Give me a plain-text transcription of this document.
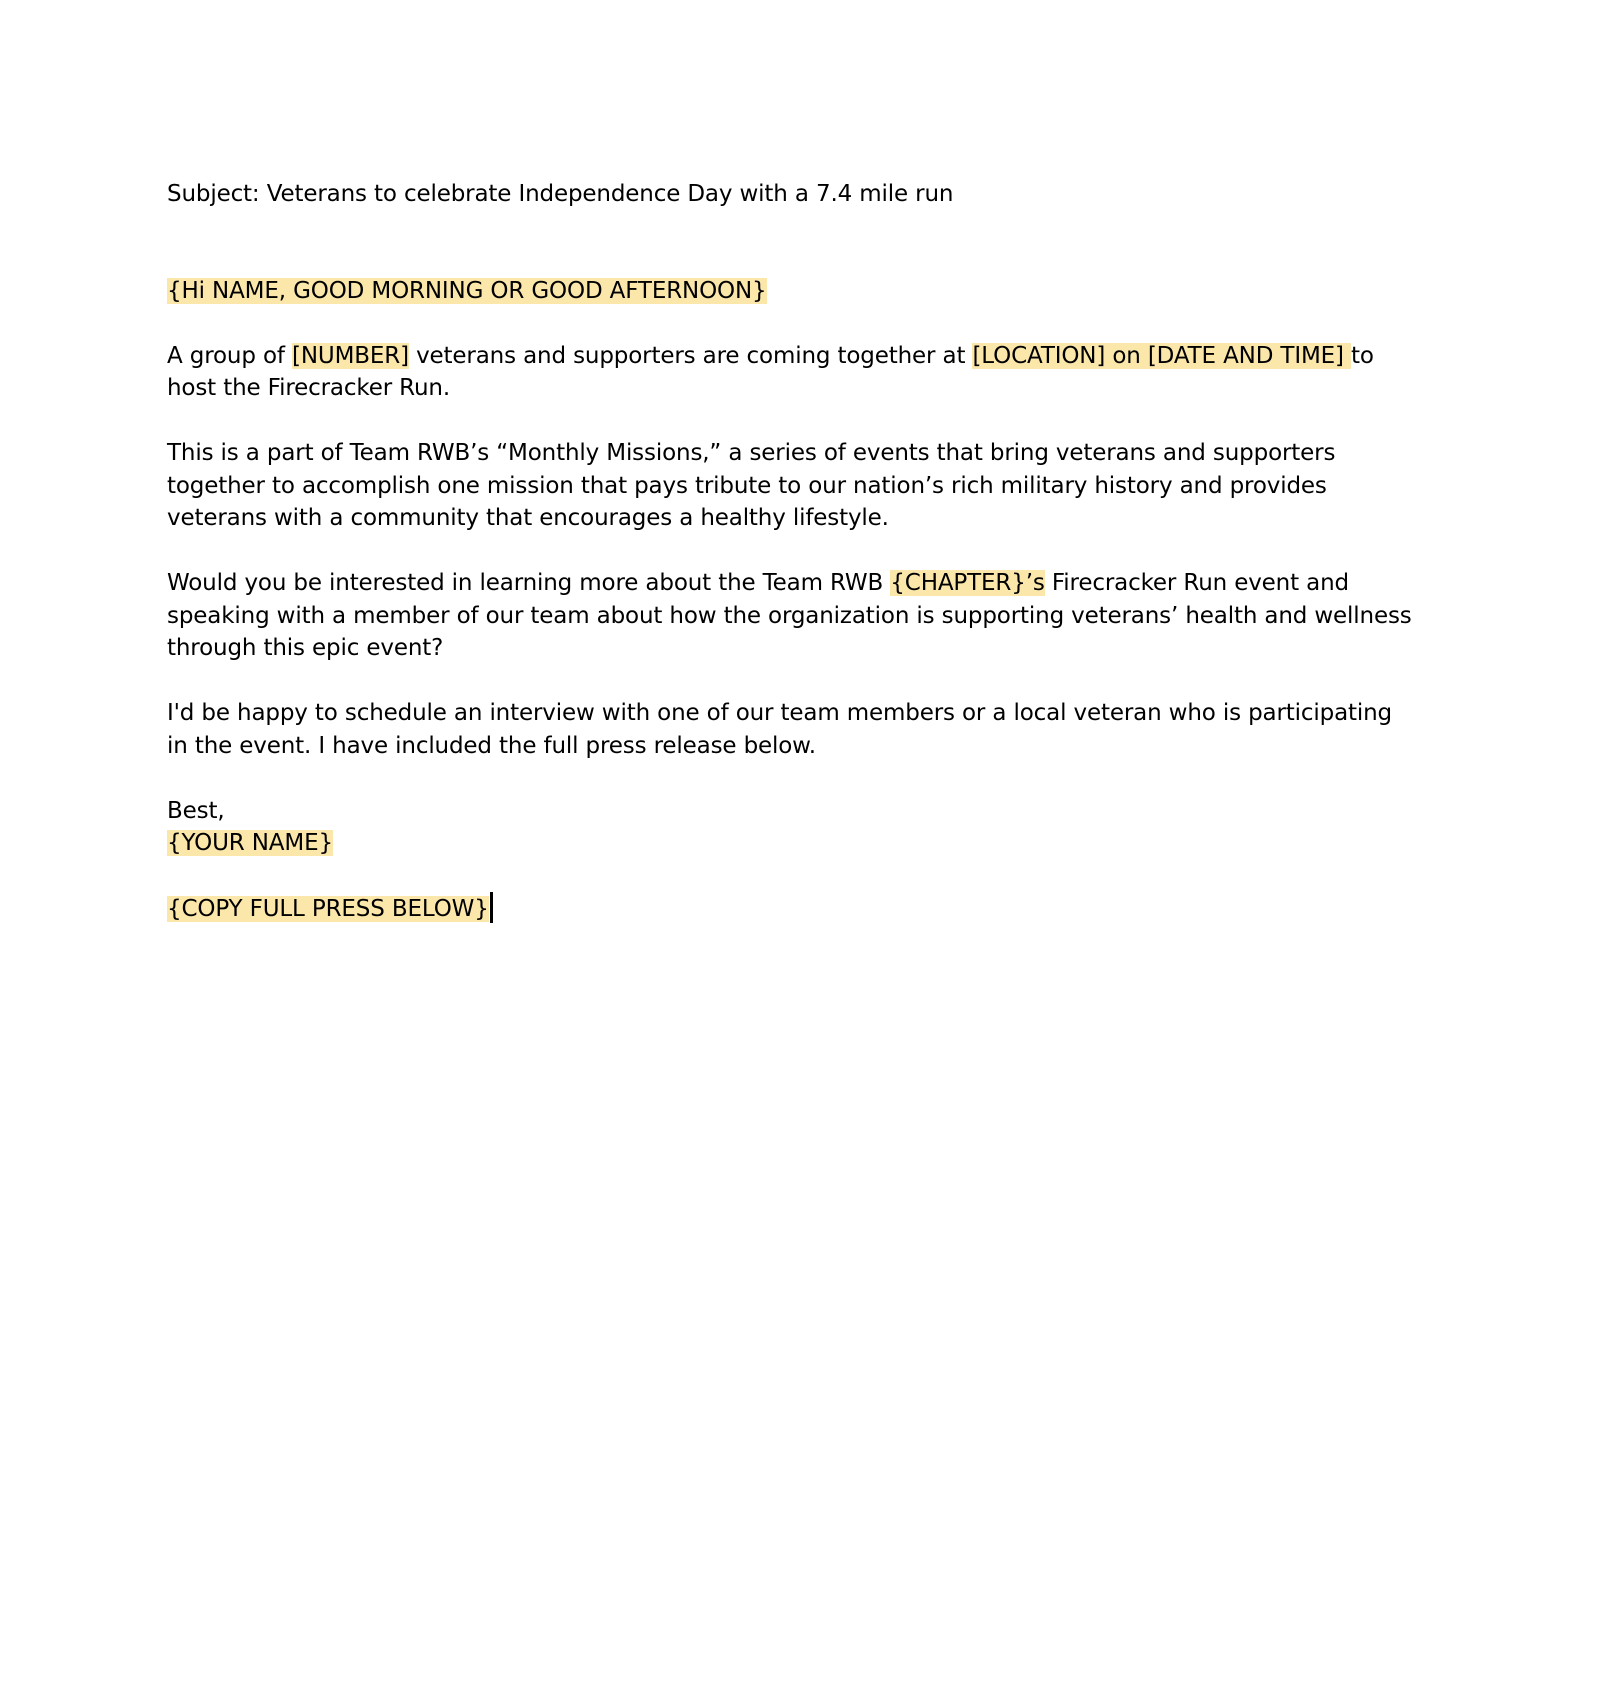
Subject: Veterans to celebrate Independence Day with a 7.4 mile run

{Hi NAME, GOOD MORNING OR GOOD AFTERNOON}

A group of [NUMBER] veterans and supporters are coming together at [LOCATION] on [DATE AND TIME] to host the Firecracker Run.

This is a part of Team RWB’s “Monthly Missions,” a series of events that bring veterans and supporters together to accomplish one mission that pays tribute to our nation’s rich military history and provides veterans with a community that encourages a healthy lifestyle.

Would you be interested in learning more about the Team RWB {CHAPTER}’s Firecracker Run event and speaking with a member of our team about how the organization is supporting veterans’ health and wellness through this epic event?

I'd be happy to schedule an interview with one of our team members or a local veteran who is participating in the event. I have included the full press release below.

Best,

{YOUR NAME}

{COPY FULL PRESS BELOW}
